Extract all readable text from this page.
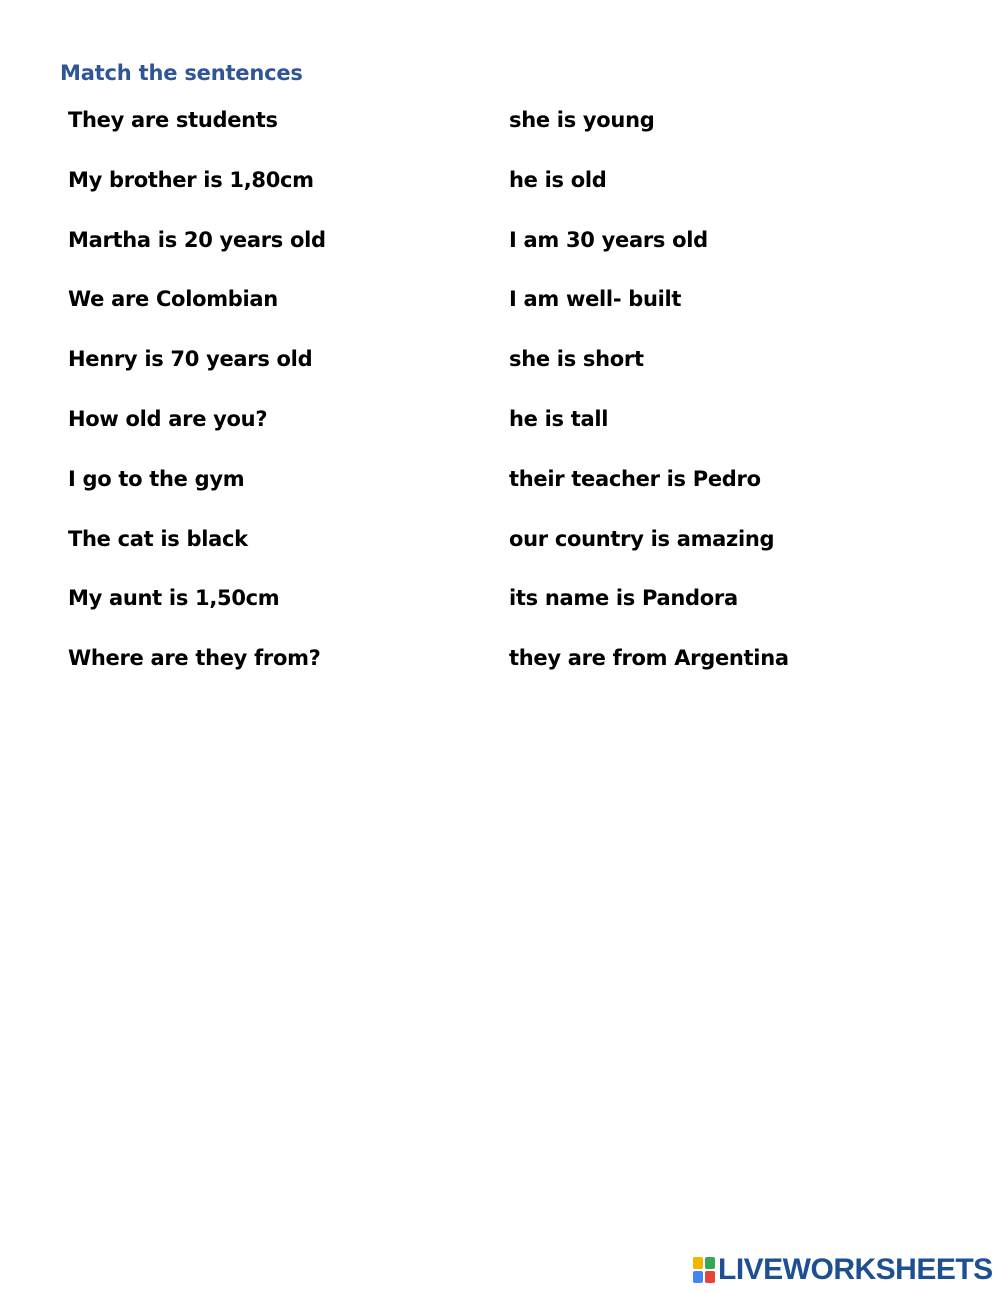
Match the sentences
They are students
My brother is 1,80cm
Martha is 20 years old
We are Colombian
Henry is 70 years old
How old are you?
I go to the gym
The cat is black
My aunt is 1,50cm
Where are they from?
she is young
he is old
I am 30 years old
I am well- built
she is short
he is tall
their teacher is Pedro
our country is amazing
its name is Pandora
they are from Argentina
LIVEWORKSHEETS
